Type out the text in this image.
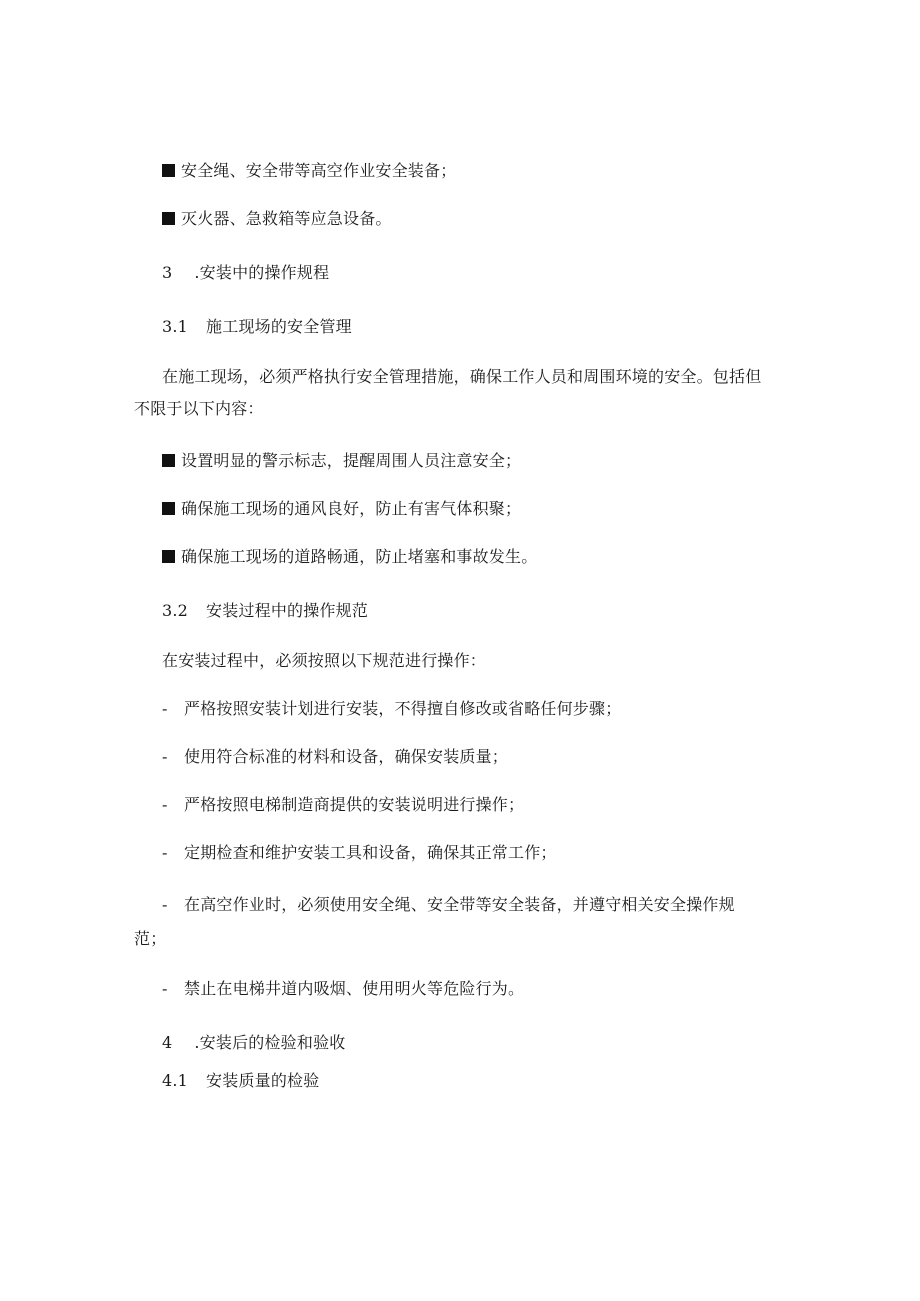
安全绳、安全带等高空作业安全装备；
灭火器、急救箱等应急设备。
3 .安装中的操作规程
3.1 施工现场的安全管理
在施工现场，必须严格执行安全管理措施，确保工作人员和周围环境的安全。包括但
不限于以下内容：
设置明显的警示标志，提醒周围人员注意安全；
确保施工现场的通风良好，防止有害气体积聚；
确保施工现场的道路畅通，防止堵塞和事故发生。
3.2 安装过程中的操作规范
在安装过程中，必须按照以下规范进行操作：
- 严格按照安装计划进行安装，不得擅自修改或省略任何步骤；
- 使用符合标准的材料和设备，确保安装质量；
- 严格按照电梯制造商提供的安装说明进行操作；
- 定期检查和维护安装工具和设备，确保其正常工作；
- 在高空作业时，必须使用安全绳、安全带等安全装备，并遵守相关安全操作规
范；
- 禁止在电梯井道内吸烟、使用明火等危险行为。
4 .安装后的检验和验收
4.1 安装质量的检验
